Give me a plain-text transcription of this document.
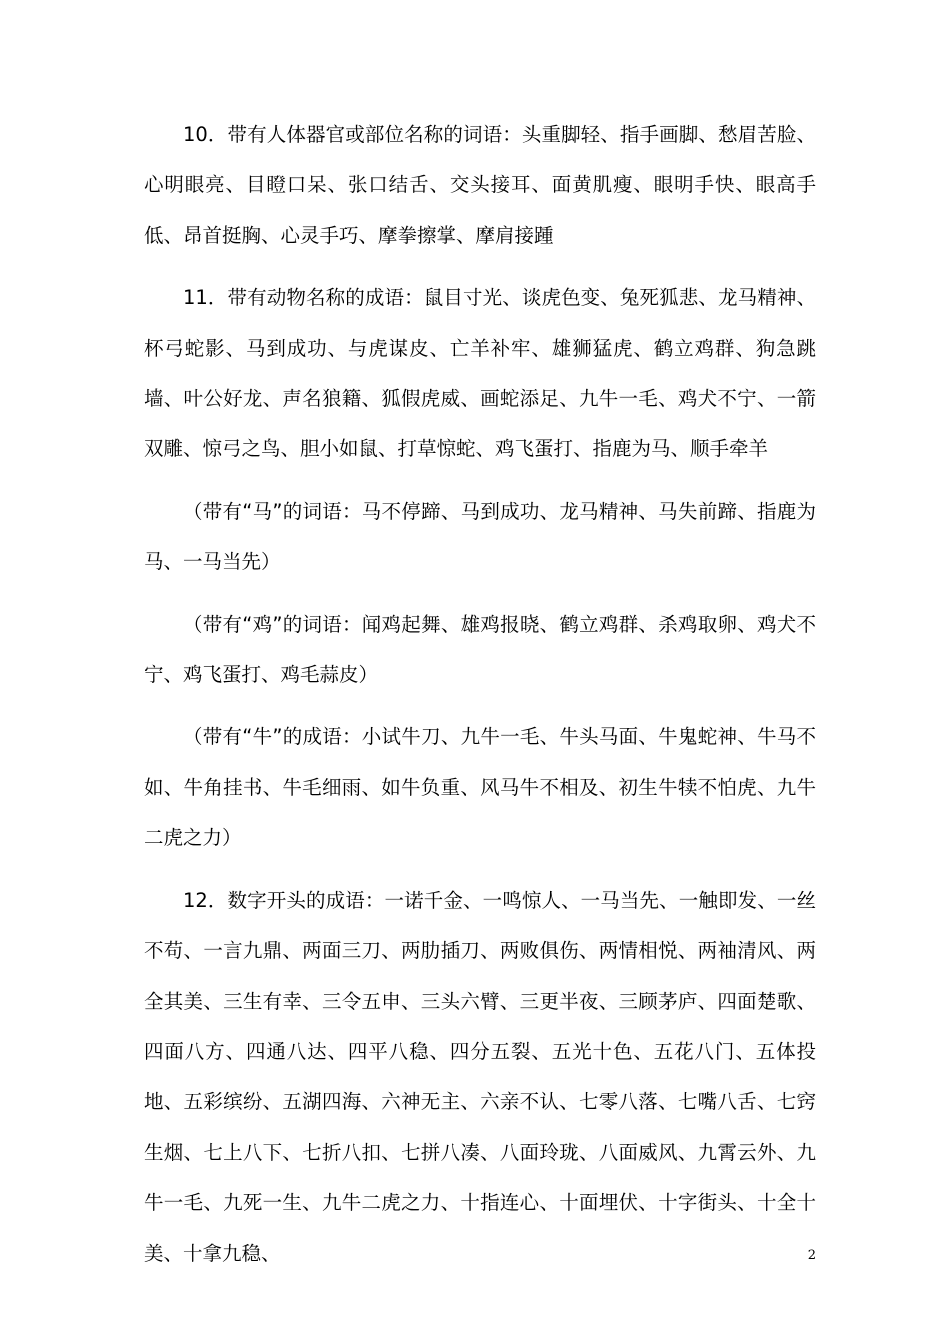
10．带有人体器官或部位名称的词语：头重脚轻、指手画脚、愁眉苦脸、心明眼亮、目瞪口呆、张口结舌、交头接耳、面黄肌瘦、眼明手快、眼高手低、昂首挺胸、心灵手巧、摩拳擦掌、摩肩接踵

11．带有动物名称的成语：鼠目寸光、谈虎色变、兔死狐悲、龙马精神、杯弓蛇影、马到成功、与虎谋皮、亡羊补牢、雄狮猛虎、鹤立鸡群、狗急跳墙、叶公好龙、声名狼籍、狐假虎威、画蛇添足、九牛一毛、鸡犬不宁、一箭双雕、惊弓之鸟、胆小如鼠、打草惊蛇、鸡飞蛋打、指鹿为马、顺手牵羊

（带有“马”的词语：马不停蹄、马到成功、龙马精神、马失前蹄、指鹿为马、一马当先）

（带有“鸡”的词语：闻鸡起舞、雄鸡报晓、鹤立鸡群、杀鸡取卵、鸡犬不宁、鸡飞蛋打、鸡毛蒜皮）

（带有“牛”的成语：小试牛刀、九牛一毛、牛头马面、牛鬼蛇神、牛马不如、牛角挂书、牛毛细雨、如牛负重、风马牛不相及、初生牛犊不怕虎、九牛二虎之力）

12．数字开头的成语：一诺千金、一鸣惊人、一马当先、一触即发、一丝不苟、一言九鼎、两面三刀、两肋插刀、两败俱伤、两情相悦、两袖清风、两全其美、三生有幸、三令五申、三头六臂、三更半夜、三顾茅庐、四面楚歌、四面八方、四通八达、四平八稳、四分五裂、五光十色、五花八门、五体投地、五彩缤纷、五湖四海、六神无主、六亲不认、七零八落、七嘴八舌、七窍生烟、七上八下、七折八扣、七拼八凑、八面玲珑、八面威风、九霄云外、九牛一毛、九死一生、九牛二虎之力、十指连心、十面埋伏、十字街头、十全十美、十拿九稳、	2
